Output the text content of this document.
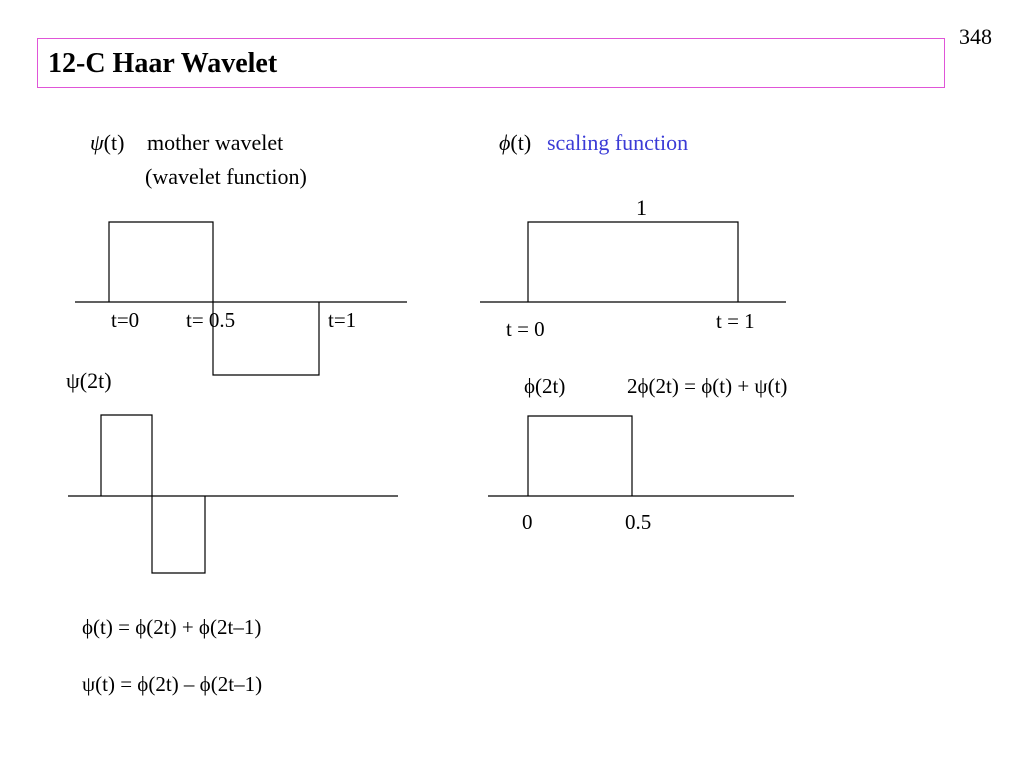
348
12-C Haar Wavelet
ψ(t) mother wavelet
(wavelet function)
t=0 t= 0.5	t=1
ϕ(t) scaling function
1
t = 0	t = 1
ψ(2t)	ϕ(2t)	2ϕ(2t) = ϕ(t) + ψ(t)
0	0.5
ϕ(t) = ϕ(2t) + ϕ(2t–1)
ψ(t) = ϕ(2t) – ϕ(2t–1)
